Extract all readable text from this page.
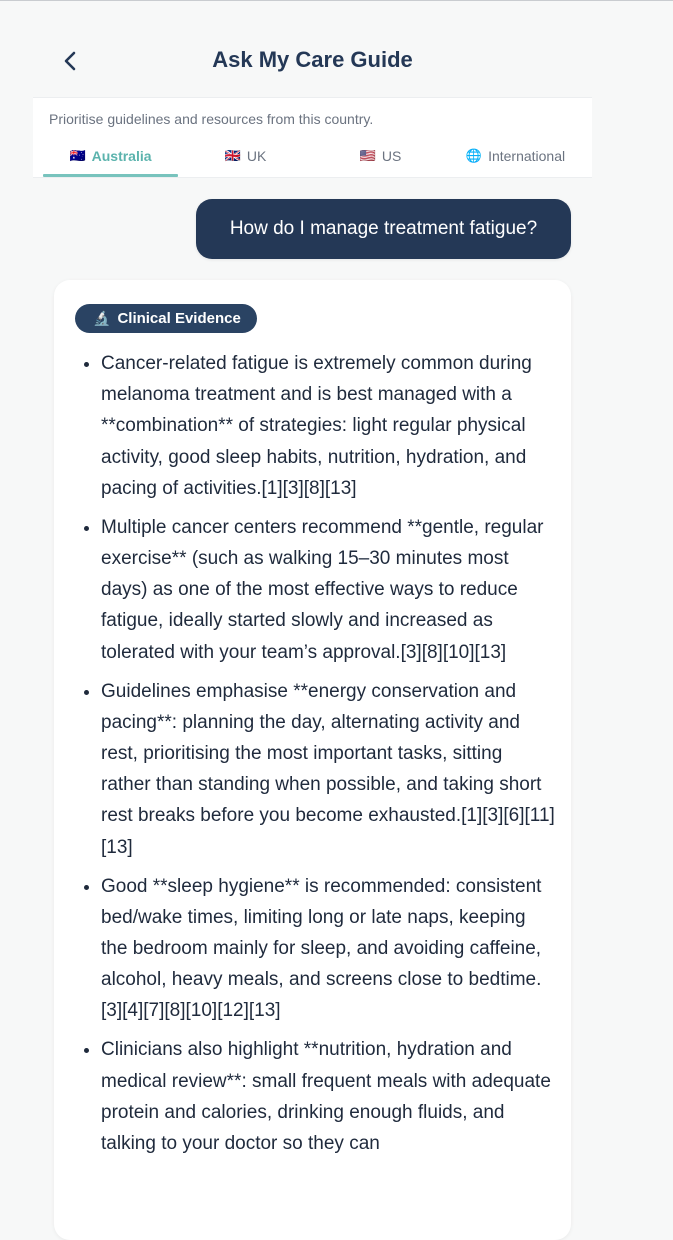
Ask My Care Guide
Prioritise guidelines and resources from this country.
🇦🇺 Australia	🇬🇧 UK	🇺🇸 US	🌐 International
How do I manage treatment fatigue?
🔬 Clinical Evidence
• Cancer-related fatigue is extremely common during melanoma treatment and is best managed with a **combination** of strategies: light regular physical activity, good sleep habits, nutrition, hydration, and pacing of activities.[1][3][8][13]
• Multiple cancer centers recommend **gentle, regular exercise** (such as walking 15–30 minutes most days) as one of the most effective ways to reduce fatigue, ideally started slowly and increased as tolerated with your team’s approval.[3][8][10][13]
• Guidelines emphasise **energy conservation and pacing**: planning the day, alternating activity and rest, prioritising the most important tasks, sitting rather than standing when possible, and taking short rest breaks before you become exhausted.[1][3][6][11][13]
• Good **sleep hygiene** is recommended: consistent bed/wake times, limiting long or late naps, keeping the bedroom mainly for sleep, and avoiding caffeine, alcohol, heavy meals, and screens close to bedtime.[3][4][7][8][10][12][13]
• Clinicians also highlight **nutrition, hydration and medical review**: small frequent meals with adequate protein and calories, drinking enough fluids, and talking to your doctor so they can
